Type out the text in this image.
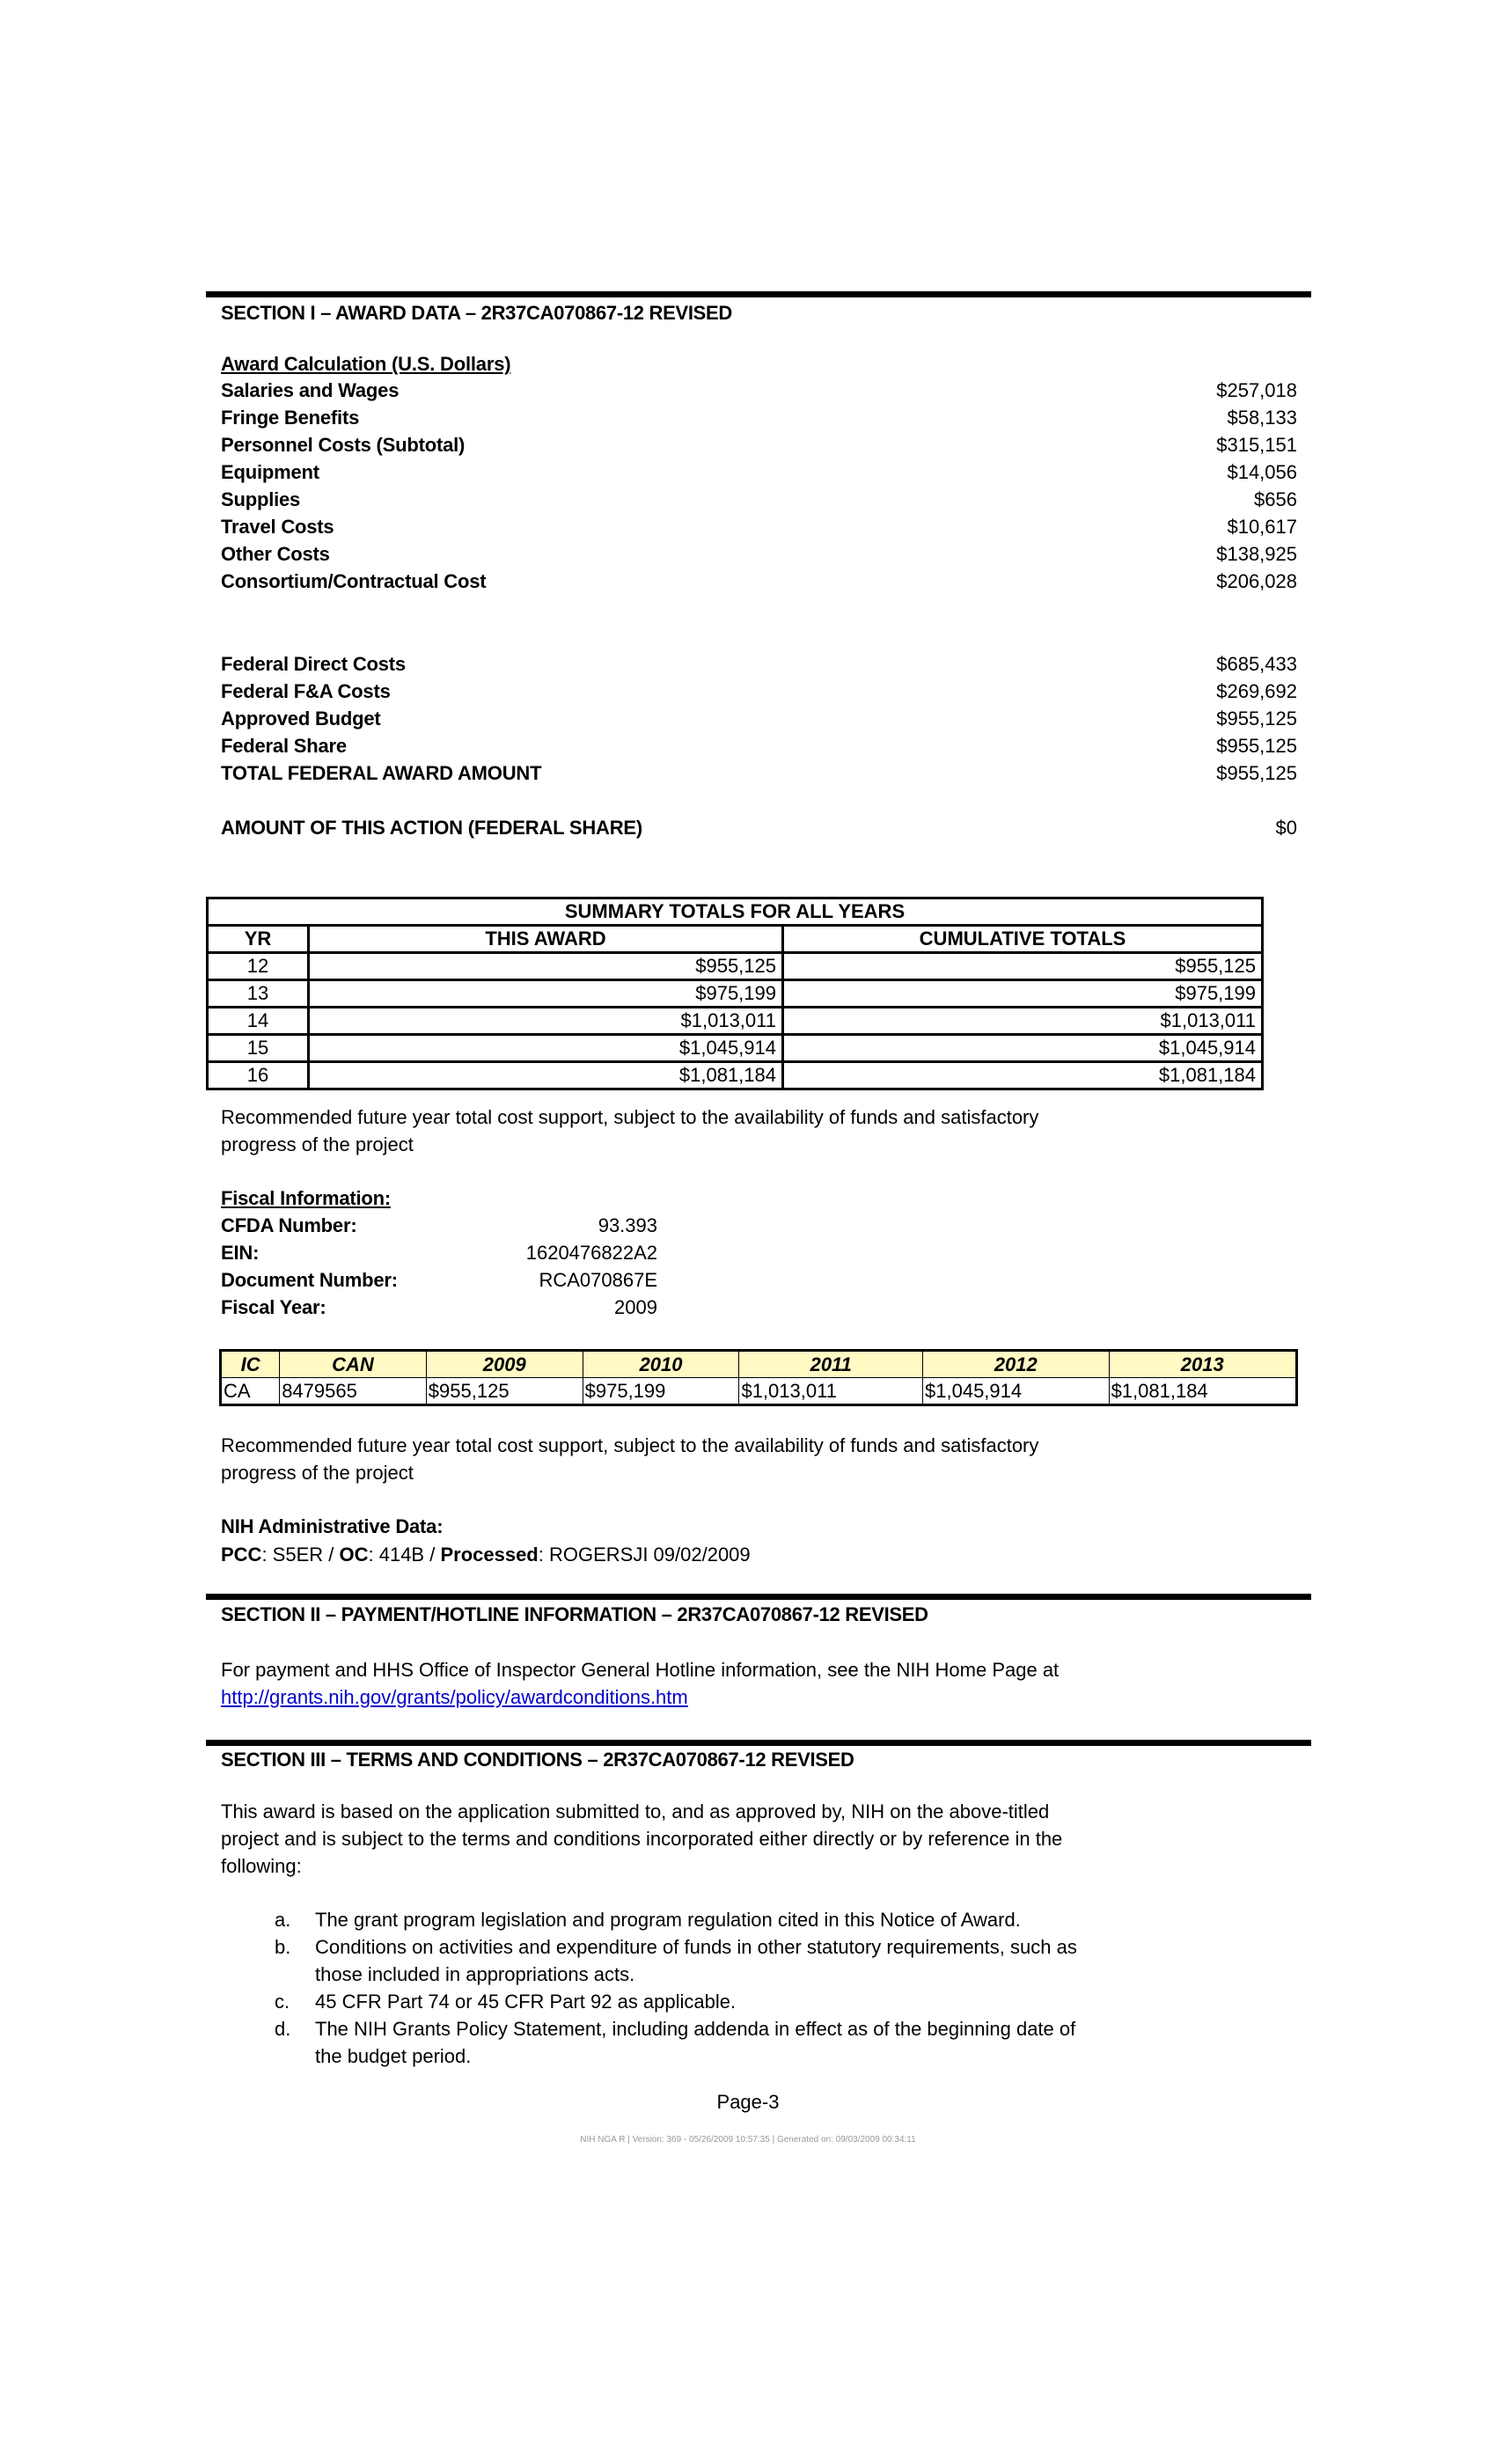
SECTION I – AWARD DATA – 2R37CA070867-12 REVISED
Award Calculation (U.S. Dollars)
Salaries and Wages	$257,018
Fringe Benefits	$58,133
Personnel Costs (Subtotal)	$315,151
Equipment	$14,056
Supplies	$656
Travel Costs	$10,617
Other Costs	$138,925
Consortium/Contractual Cost	$206,028
Federal Direct Costs	$685,433
Federal F&A Costs	$269,692
Approved Budget	$955,125
Federal Share	$955,125
TOTAL FEDERAL AWARD AMOUNT	$955,125
AMOUNT OF THIS ACTION (FEDERAL SHARE)	$0
SUMMARY TOTALS FOR ALL YEARS		
YR	THIS AWARD	CUMULATIVE TOTALS
12	$955,125	$955,125
13	$975,199	$975,199
14	$1,013,011	$1,013,011
15	$1,045,914	$1,045,914
16	$1,081,184	$1,081,184
Recommended future year total cost support, subject to the availability of funds and satisfactory
progress of the project
Fiscal Information:
CFDA Number:	93.393
EIN:	1620476822A2
Document Number:	RCA070867E
Fiscal Year:	2009
IC	CAN	2009	2010	2011	2012	2013
CA	8479565	$955,125	$975,199	$1,013,011	$1,045,914	$1,081,184
Recommended future year total cost support, subject to the availability of funds and satisfactory
progress of the project
NIH Administrative Data:
PCC: S5ER / OC: 414B / Processed: ROGERSJI 09/02/2009
SECTION II – PAYMENT/HOTLINE INFORMATION – 2R37CA070867-12 REVISED
For payment and HHS Office of Inspector General Hotline information, see the NIH Home Page at
http://grants.nih.gov/grants/policy/awardconditions.htm
SECTION III – TERMS AND CONDITIONS – 2R37CA070867-12 REVISED
This award is based on the application submitted to, and as approved by, NIH on the above-titled
project and is subject to the terms and conditions incorporated either directly or by reference in the
following:
a.	The grant program legislation and program regulation cited in this Notice of Award.
b.	Conditions on activities and expenditure of funds in other statutory requirements, such as
those included in appropriations acts.
c.	45 CFR Part 74 or 45 CFR Part 92 as applicable.
d.	The NIH Grants Policy Statement, including addenda in effect as of the beginning date of
the budget period.
Page-3
NIH NGA R | Version: 369 - 05/26/2009 10:57:35 | Generated on: 09/03/2009 00:34:11
